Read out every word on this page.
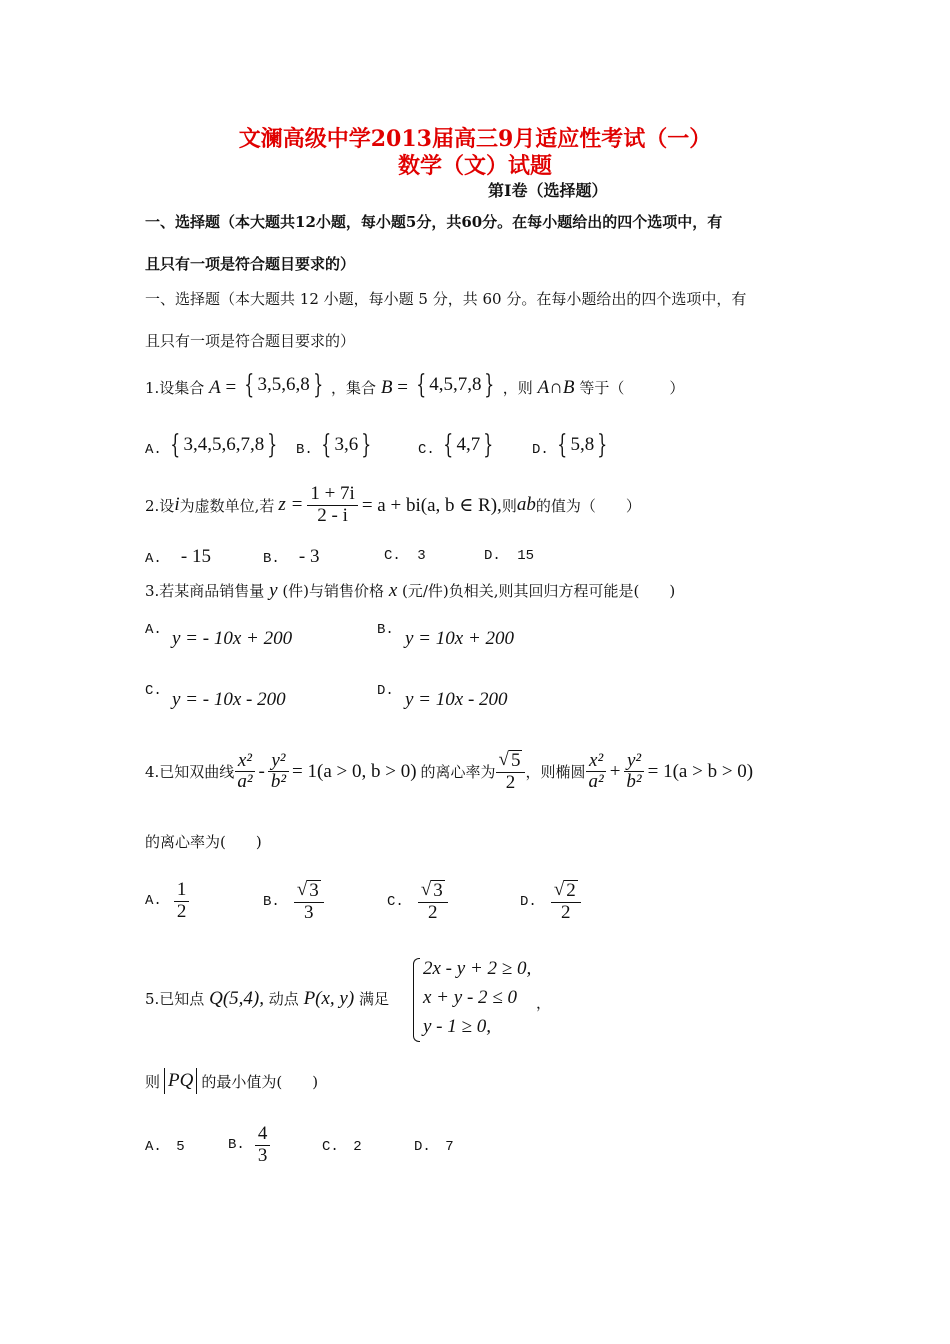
文澜高级中学2013届高三9月适应性考试（一）
数学（文）试题
第Ⅰ卷（选择题）
一、选择题（本大题共12小题，每小题5分，共60分。在每小题给出的四个选项中，有
且只有一项是符合题目要求的）
一、选择题（本大题共 12 小题，每小题 5 分，共 60 分。在每小题给出的四个选项中，有
且只有一项是符合题目要求的）
1.设集合 A = { 3,5,6,8 } ，集合 B = { 4,5,7,8 } ，则 A∩B 等于（　　　）
A. { 3,4,5,6,7,8 } B. { 3,6 }	C. { 4,7 }	D. { 5,8 }
2.设 i 为虚数单位,若 $z = \frac{1 + 7i}{2 - i} = a + bi(a$, b ∈ R), 则 ab 的值为（　　）
A. - 15	B. - 3	C. 3	D. 15
3.若某商品销售量 y (件)与销售价格 x (元/件)负相关,则其回归方程可能是(　　)
A. y = - 10x + 200	B. y = 10x + 200
C. y = - 10x - 200	D. y = 10x - 200
4.已知双曲线 $\frac{\text{x²}}{\text{a²}} - \frac{\text{y²}}{\text{b²}} = 1(a > 0$, b > 0) 的离心率为 $\frac{√ 5}{2}$ ，则椭圆 $\frac{\text{x²}}{\text{a²}} + \frac{\text{y²}}{\text{b²}} = 1(a > b > 0)$
的离心率为(　　)
A. $\frac{1}{2}$	B. $\frac{√ 3}{3}$	C. $\frac{√ 3}{2}$	D. $\frac{√ 2}{2}$
5.已知点 Q(5,4), 动点 P(x, y) 满足
2x - y + 2 ≥ 0,
x + y - 2 ≤ 0
y - 1 ≥ 0,
，
则 PQ 的最小值为(　　)
A. 5	B. $\frac{4}{3}$	C. 2	D. 7
